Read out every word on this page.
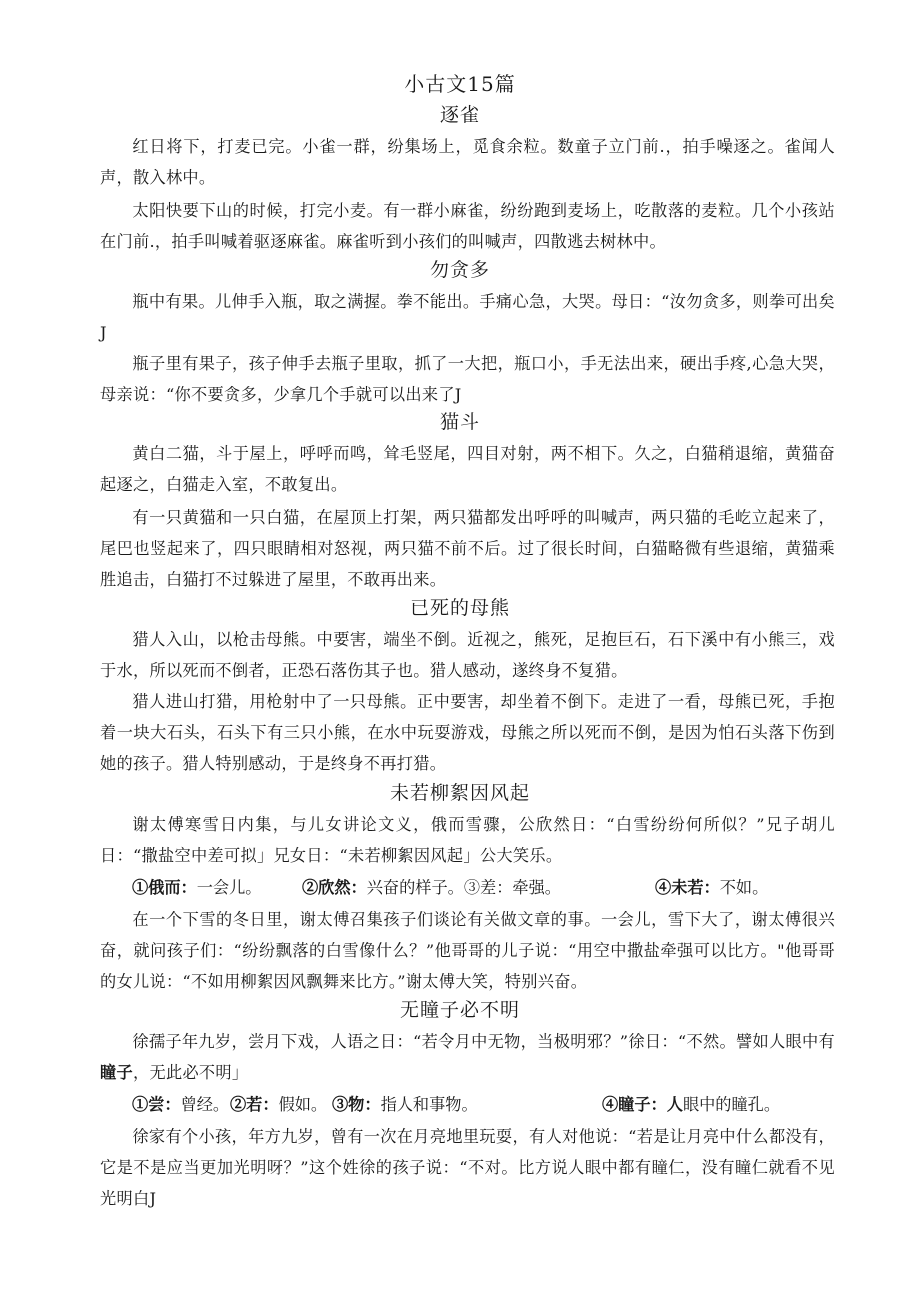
小古文15篇
逐雀

红日将下，打麦已完。小雀一群，纷集场上，觅食余粒。数童子立门前.，拍手噪逐之。雀闻人声，散入林中。

太阳快要下山的时候，打完小麦。有一群小麻雀，纷纷跑到麦场上，吃散落的麦粒。几个小孩站在门前.，拍手叫喊着驱逐麻雀。麻雀听到小孩们的叫喊声，四散逃去树林中。

勿贪多

瓶中有果。儿伸手入瓶，取之满握。拳不能出。手痛心急，大哭。母日：“汝勿贪多，则拳可出矣J

瓶子里有果子，孩子伸手去瓶子里取，抓了一大把，瓶口小，手无法出来，硬出手疼,心急大哭，母亲说：“你不要贪多，少拿几个手就可以出来了J

猫斗

黄白二猫，斗于屋上，呼呼而鸣，耸毛竖尾，四目对射，两不相下。久之，白猫稍退缩，黄猫奋起逐之，白猫走入室，不敢复出。

有一只黄猫和一只白猫，在屋顶上打架，两只猫都发出呼呼的叫喊声，两只猫的毛屹立起来了，尾巴也竖起来了，四只眼睛相对怒视，两只猫不前不后。过了很长时间，白猫略微有些退缩，黄猫乘胜追击，白猫打不过躲进了屋里，不敢再出来。

已死的母熊

猎人入山，以枪击母熊。中要害，端坐不倒。近视之，熊死，足抱巨石，石下溪中有小熊三，戏于水，所以死而不倒者，正恐石落伤其子也。猎人感动，遂终身不复猎。

猎人进山打猎，用枪射中了一只母熊。正中要害，却坐着不倒下。走进了一看，母熊已死，手抱着一块大石头，石头下有三只小熊，在水中玩耍游戏，母熊之所以死而不倒，是因为怕石头落下伤到她的孩子。猎人特别感动，于是终身不再打猎。

未若柳絮因风起

谢太傅寒雪日内集，与儿女讲论文义，俄而雪骤，公欣然日：“白雪纷纷何所似？”兄子胡儿日：“撒盐空中差可拟」兄女日：“未若柳絮因风起」公大笑乐。

①俄而：一会儿。	②欣然：兴奋的样子。③差：牵强。	④未若：不如。

在一个下雪的冬日里，谢太傅召集孩子们谈论有关做文章的事。一会儿，雪下大了，谢太傅很兴奋，就问孩子们：“纷纷飘落的白雪像什么？”他哥哥的儿子说：“用空中撒盐牵强可以比方。"他哥哥的女儿说：“不如用柳絮因风飘舞来比方。”谢太傅大笑，特别兴奋。

无瞳子必不明

徐孺子年九岁，尝月下戏，人语之日：“若令月中无物，当极明邪？”徐日：“不然。譬如人眼中有瞳子，无此必不明」

①尝：曾经。 ②若：假如。 ③物：指人和事物。	④瞳子：人眼中的瞳孔。

徐家有个小孩，年方九岁，曾有一次在月亮地里玩耍，有人对他说：“若是让月亮中什么都没有，它是不是应当更加光明呀？”这个姓徐的孩子说：“不对。比方说人眼中都有瞳仁，没有瞳仁就看不见光明白J
